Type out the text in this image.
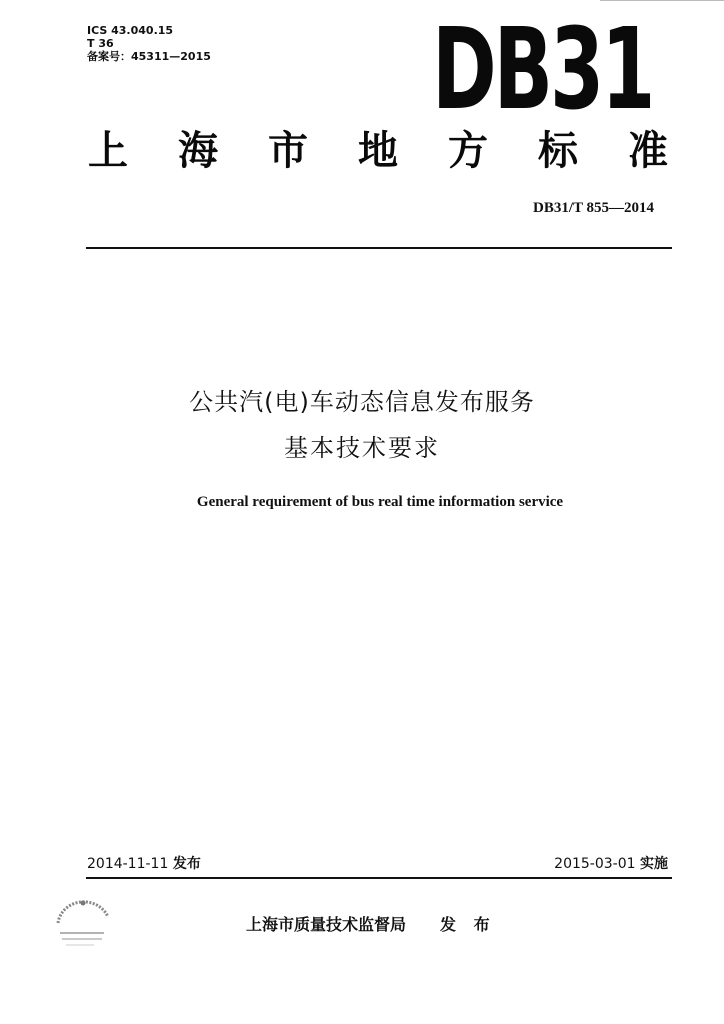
ICS 43.040.15
T 36
备案号：45311—2015 DB31
上 海 市 地 方 标 准
DB31/T 855—2014
公共汽(电)车动态信息发布服务
基本技术要求
General requirement of bus real time information service
2014-11-11 发布	2015-03-01 实施
上海市质量技术监督局 发 布
